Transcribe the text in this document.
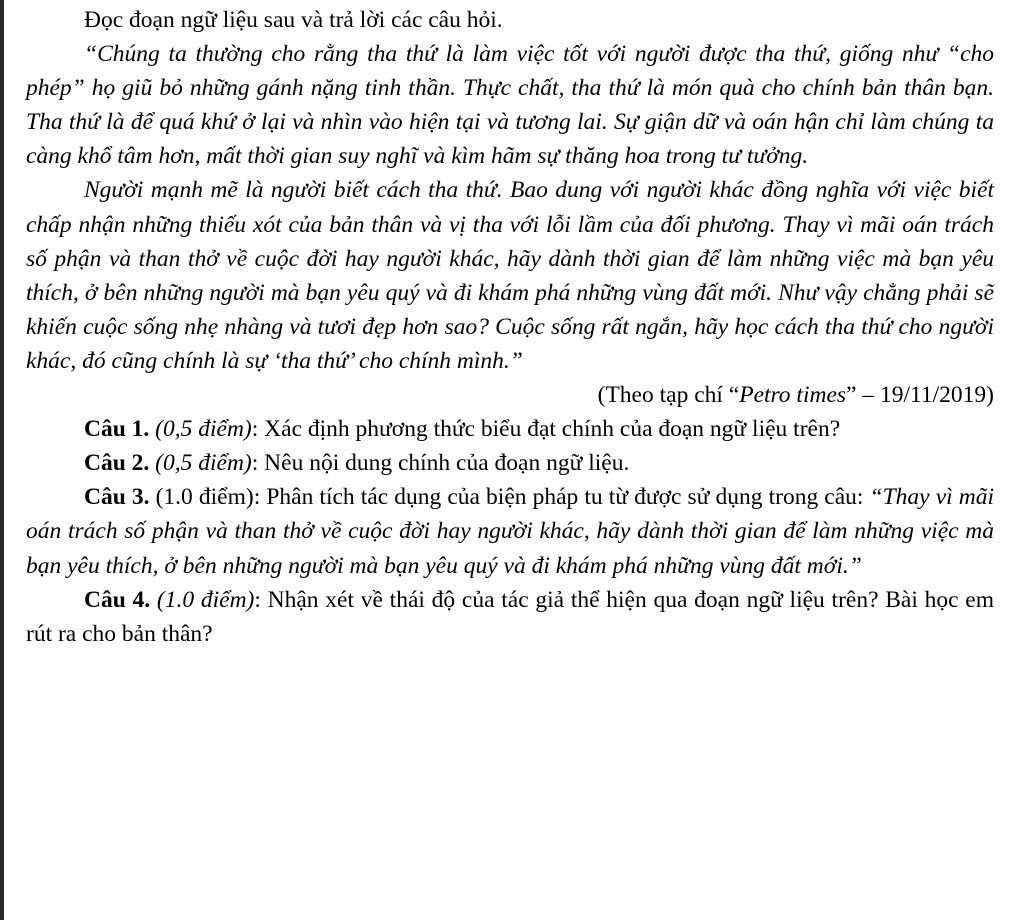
Đọc đoạn ngữ liệu sau và trả lời các câu hỏi.

“Chúng ta thường cho rằng tha thứ là làm việc tốt với người được tha thứ, giống như “cho phép” họ giũ bỏ những gánh nặng tinh thần. Thực chất, tha thứ là món quà cho chính bản thân bạn. Tha thứ là để quá khứ ở lại và nhìn vào hiện tại và tương lai. Sự giận dữ và oán hận chỉ làm chúng ta càng khổ tâm hơn, mất thời gian suy nghĩ và kìm hãm sự thăng hoa trong tư tưởng.

Người mạnh mẽ là người biết cách tha thứ. Bao dung với người khác đồng nghĩa với việc biết chấp nhận những thiếu xót của bản thân và vị tha với lỗi lầm của đối phương. Thay vì mãi oán trách số phận và than thở về cuộc đời hay người khác, hãy dành thời gian để làm những việc mà bạn yêu thích, ở bên những người mà bạn yêu quý và đi khám phá những vùng đất mới. Như vậy chẳng phải sẽ khiến cuộc sống nhẹ nhàng và tươi đẹp hơn sao? Cuộc sống rất ngắn, hãy học cách tha thứ cho người khác, đó cũng chính là sự ‘tha thứ’ cho chính mình.”

(Theo tạp chí “Petro times” – 19/11/2019)

Câu 1. (0,5 điểm): Xác định phương thức biểu đạt chính của đoạn ngữ liệu trên?

Câu 2. (0,5 điểm): Nêu nội dung chính của đoạn ngữ liệu.

Câu 3. (1.0 điểm): Phân tích tác dụng của biện pháp tu từ được sử dụng trong câu: “Thay vì mãi oán trách số phận và than thở về cuộc đời hay người khác, hãy dành thời gian để làm những việc mà bạn yêu thích, ở bên những người mà bạn yêu quý và đi khám phá những vùng đất mới.”

Câu 4. (1.0 điểm): Nhận xét về thái độ của tác giả thể hiện qua đoạn ngữ liệu trên? Bài học em rút ra cho bản thân?
